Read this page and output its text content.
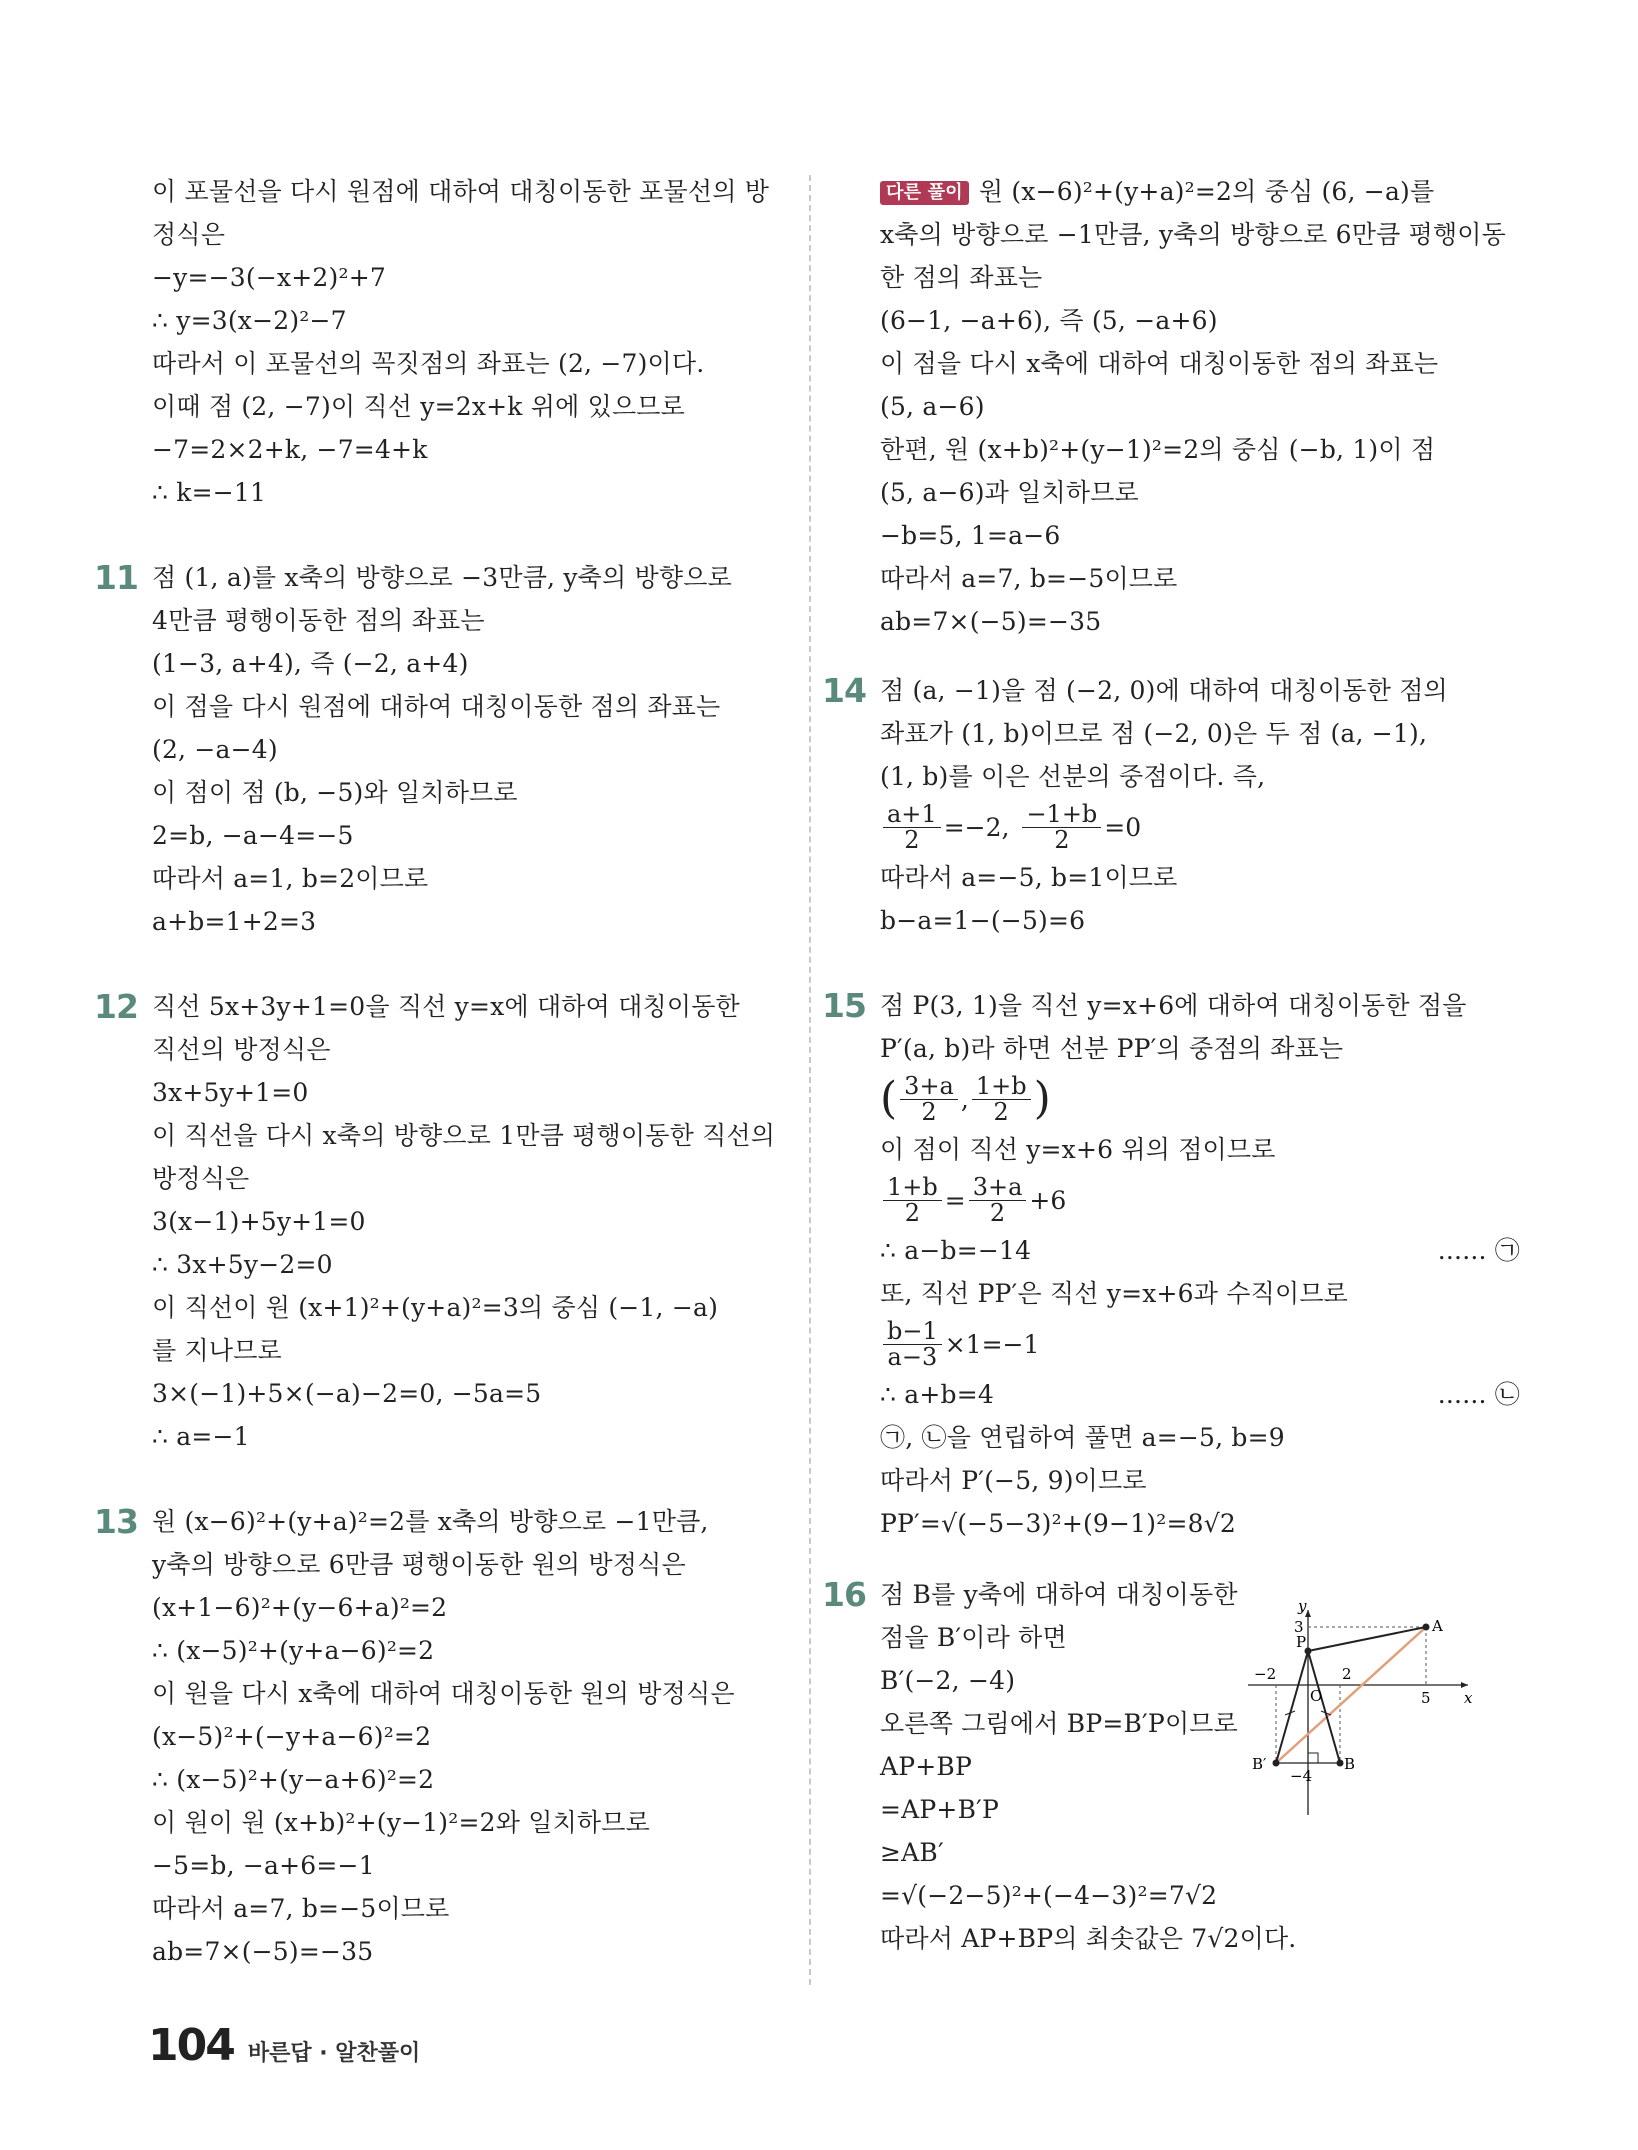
이 포물선을 다시 원점에 대하여 대칭이동한 포물선의 방
정식은
−y=−3(−x+2)²+7
∴ y=3(x−2)²−7
따라서 이 포물선의 꼭짓점의 좌표는 (2, −7)이다.
이때 점 (2, −7)이 직선 y=2x+k 위에 있으므로
−7=2×2+k, −7=4+k
∴ k=−11
11 점 (1, a)를 x축의 방향으로 −3만큼, y축의 방향으로
4만큼 평행이동한 점의 좌표는
(1−3, a+4), 즉 (−2, a+4)
이 점을 다시 원점에 대하여 대칭이동한 점의 좌표는
(2, −a−4)
이 점이 점 (b, −5)와 일치하므로
2=b, −a−4=−5
따라서 a=1, b=2이므로
a+b=1+2=3
12 직선 5x+3y+1=0을 직선 y=x에 대하여 대칭이동한
직선의 방정식은
3x+5y+1=0
이 직선을 다시 x축의 방향으로 1만큼 평행이동한 직선의
방정식은
3(x−1)+5y+1=0
∴ 3x+5y−2=0
이 직선이 원 (x+1)²+(y+a)²=3의 중심 (−1, −a)
를 지나므로
3×(−1)+5×(−a)−2=0, −5a=5
∴ a=−1
13 원 (x−6)²+(y+a)²=2를 x축의 방향으로 −1만큼,
y축의 방향으로 6만큼 평행이동한 원의 방정식은
(x+1−6)²+(y−6+a)²=2
∴ (x−5)²+(y+a−6)²=2
이 원을 다시 x축에 대하여 대칭이동한 원의 방정식은
(x−5)²+(−y+a−6)²=2
∴ (x−5)²+(y−a+6)²=2
이 원이 원 (x+b)²+(y−1)²=2와 일치하므로
−5=b, −a+6=−1
따라서 a=7, b=−5이므로
ab=7×(−5)=−35
다른 풀이 원 (x−6)²+(y+a)²=2의 중심 (6, −a)를
x축의 방향으로 −1만큼, y축의 방향으로 6만큼 평행이동
한 점의 좌표는
(6−1, −a+6), 즉 (5, −a+6)
이 점을 다시 x축에 대하여 대칭이동한 점의 좌표는
(5, a−6)
한편, 원 (x+b)²+(y−1)²=2의 중심 (−b, 1)이 점
(5, a−6)과 일치하므로
−b=5, 1=a−6
따라서 a=7, b=−5이므로
ab=7×(−5)=−35
14 점 (a, −1)을 점 (−2, 0)에 대하여 대칭이동한 점의
좌표가 (1, b)이므로 점 (−2, 0)은 두 점 (a, −1),
(1, b)를 이은 선분의 중점이다. 즉,
$\frac{a+1}{2} =-2$, $\frac{-1+b}{2} =0$
따라서 a=−5, b=1이므로
b−a=1−(−5)=6
15 점 P(3, 1)을 직선 y=x+6에 대하여 대칭이동한 점을
P′(a, b)라 하면 선분 PP′의 중점의 좌표는
( $\frac{3+a}{2}$ , $\frac{1+b}{2}$ )
이 점이 직선 y=x+6 위의 점이므로
$\frac{1+b}{2} = \frac{3+a}{2} +6$
∴ a−b=−14	...... ㉠
또, 직선 PP′은 직선 y=x+6과 수직이므로
$\frac{b-1}{a-3} \times 1=-1$
∴ a+b=4	...... ㉡
㉠, ㉡을 연립하여 풀면 a=−5, b=9
따라서 P′(−5, 9)이므로
PP′=√(−5−3)²+(9−1)²=8√2
16 점 B를 y축에 대하여 대칭이동한
점을 B′이라 하면
B′(−2, −4)
오른쪽 그림에서 BP=B′P이므로
AP+BP
=AP+B′P
≥AB′
=√(−2−5)²+(−4−3)²=7√2
따라서 AP+BP의 최솟값은 7√2이다.
y
x
3	A
P
−2	2
O	5
B′	B
−4
104 바른답 · 알찬풀이
